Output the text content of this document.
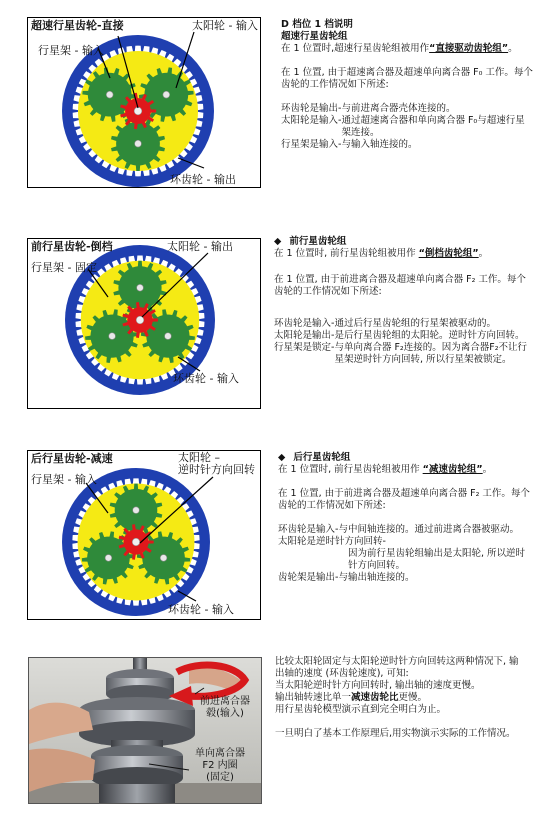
超速行星齿轮-直接	太阳轮 - 输入
行星架 - 输入
环齿轮 - 输出
前行星齿轮-倒档	太阳轮 - 输出
行星架 - 固定
环齿轮 - 输入
后行星齿轮-减速	太阳轮 –
逆时针方向回转
行星架 - 输入
环齿轮 - 输入

D 档位 1 档说明

超速行星齿轮组

在 1 位置时,超速行星齿轮组被用作“直接驱动齿轮组”。

在 1 位置, 由于超速离合器及超速单向离合器 F₀ 工作。每个齿轮的工作情况如下所述:

环齿轮是输出- 与前进离合器壳体连接的。
太阳轮是输入- 通过超速离合器和单向离合器 F₀与超速行星架连接。
行星架是输入- 与输入轴连接的。

◆ 前行星齿轮组

在 1 位置时, 前行星齿轮组被用作 “倒档齿轮组”。

在 1 位置, 由于前进离合器及超速单向离合器 F₂ 工作。每个齿轮的工作情况如下所述:

环齿轮是输入- 通过后行星齿轮组的行星架被驱动的。
太阳轮是输出- 是后行星齿轮组的太阳轮。逆时针方向回转。
行星架是锁定- 与单向离合器 F₂连接的。因为离合器F₂不让行星架逆时针方向回转, 所以行星架被锁定。

◆ 后行星齿轮组

在 1 位置时, 前行星齿轮组被用作 “减速齿轮组”。

在 1 位置, 由于前进离合器及超速单向离合器 F₂ 工作。每个齿轮的工作情况如下所述:

环齿轮是输入- 与中间轴连接的。通过前进离合器被驱动。
太阳轮是逆时针方向回转-
因为前行星齿轮组输出是太阳轮, 所以逆时针方向回转。
齿轮架是输出- 与输出轴连接的。

比较太阳轮固定与太阳轮逆时针方向回转这两种情况下, 输出轴的速度 (环齿轮速度), 可知:

当太阳轮逆时针方向回转时, 输出轴的速度更慢。

输出轴转速比单一减速齿轮比更慢。

用行星齿轮模型演示直到完全明白为止。

一旦明白了基本工作原理后,用实物演示实际的工作情况。

前进离合器
毂(输入)
单向离合器
F2 内圈
(固定)
